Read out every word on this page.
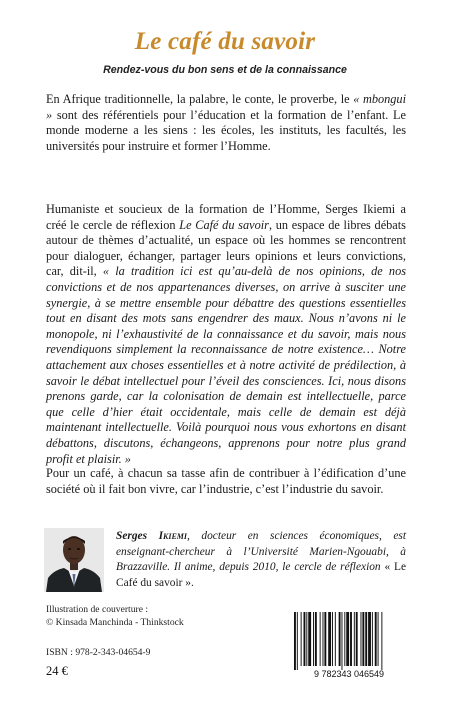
Le café du savoir
Rendez-vous du bon sens et de la connaissance

En Afrique traditionnelle, la palabre, le conte, le proverbe, le « mbongui » sont des référentiels pour l’éducation et la formation de l’enfant. Le monde moderne a les siens : les écoles, les instituts, les facultés, les universités pour instruire et former l’Homme.

Humaniste et soucieux de la formation de l’Homme, Serges Ikiemi a créé le cercle de réflexion Le Café du savoir, un espace de libres débats autour de thèmes d’actualité, un espace où les hommes se rencontrent pour dialoguer, échanger, partager leurs opinions et leurs convictions, car, dit-il, « la tradition ici est qu’au-delà de nos opinions, de nos convictions et de nos appartenances diverses, on arrive à susciter une synergie, à se mettre ensemble pour débattre des questions essentielles tout en disant des mots sans engendrer des maux. Nous n’avons ni le monopole, ni l’exhaustivité de la connaissance et du savoir, mais nous revendiquons simplement la reconnaissance de notre existence… Notre attachement aux choses essentielles et à notre activité de prédilection, à savoir le débat intellectuel pour l’éveil des consciences. Ici, nous disons prenons garde, car la colonisation de demain est intellectuelle, parce que celle d’hier était occidentale, mais celle de demain est déjà maintenant intellectuelle. Voilà pourquoi nous vous exhortons en disant débattons, discutons, échangeons, apprenons pour notre plus grand profit et plaisir. »

Pour un café, à chacun sa tasse afin de contribuer à l’édification d’une société où il fait bon vivre, car l’industrie, c’est l’industrie du savoir.

Serges Ikiemi, docteur en sciences économiques, est enseignant-chercheur à l’Université Marien-Ngouabi, à Brazzaville. Il anime, depuis 2010, le cercle de réflexion « Le Café du savoir ».

Illustration de couverture :
© Kinsada Manchinda - Thinkstock
ISBN : 978-2-343-04654-9
24 €	9 782343 046549
